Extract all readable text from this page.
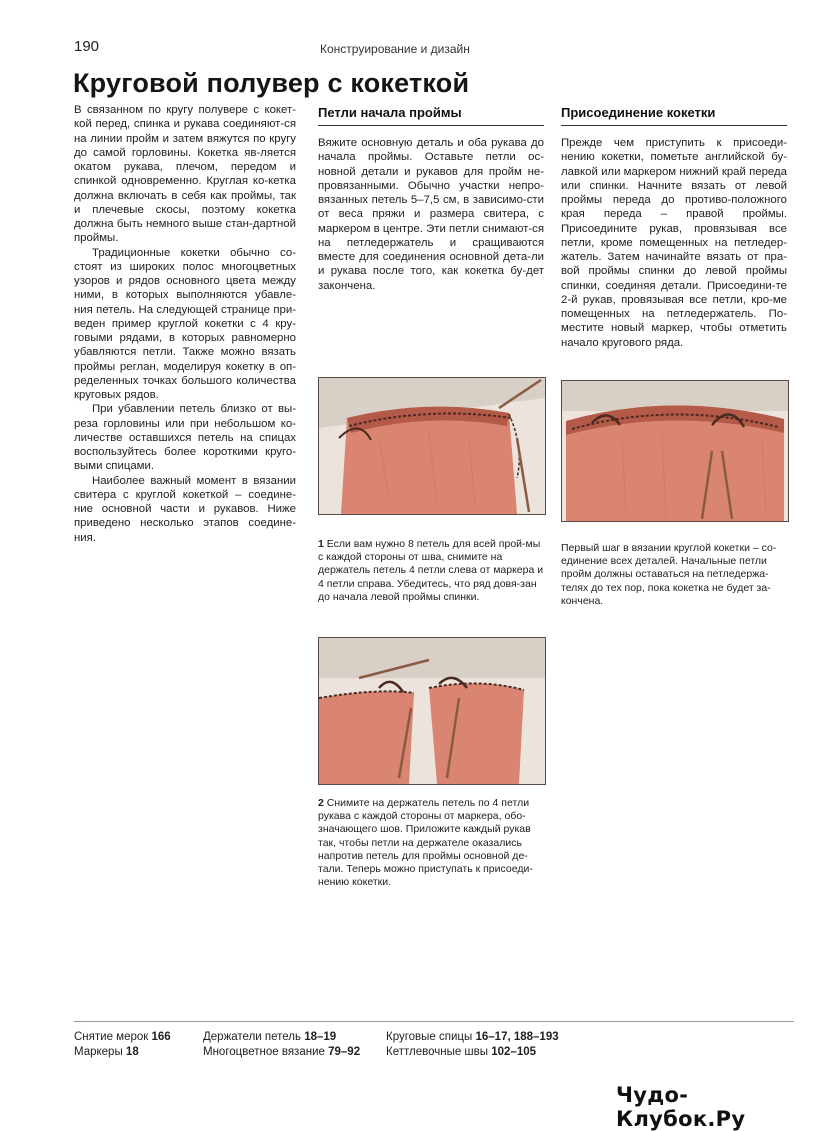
190	Конструирование и дизайн
Круговой полувер с кокеткой

В связанном по кругу полувере с кокет-кой перед, спинка и рукава соединяют-ся на линии пройм и затем вяжутся по кругу до самой горловины. Кокетка яв-ляется окатом рукава, плечом, передом и спинкой одновременно. Круглая ко-кетка должна включать в себя как проймы, так и плечевые скосы, поэтому кокетка должна быть немного выше стан-дартной проймы.

Традиционные кокетки обычно со-стоят из широких полос многоцветных узоров и рядов основного цвета между ними, в которых выполняются убавле-ния петель. На следующей странице при-веден пример круглой кокетки с 4 кру-говыми рядами, в которых равномерно убавляются петли. Также можно вязать проймы реглан, моделируя кокетку в оп-ределенных точках большого количества круговых рядов.

При убавлении петель близко от вы-реза горловины или при небольшом ко-личестве оставшихся петель на спицах воспользуйтесь более короткими круго-выми спицами.

Наиболее важный момент в вязании свитера с круглой кокеткой – соедине-ние основной части и рукавов. Ниже приведено несколько этапов соедине-ния.

Петли начала проймы

Вяжите основную деталь и оба рукава до начала проймы. Оставьте петли ос-новной детали и рукавов для пройм не-провязанными. Обычно участки непро-вязанных петель 5–7,5 см, в зависимо-сти от веса пряжи и размера свитера, с маркером в центре. Эти петли снимают-ся на петледержатель и сращиваются вместе для соединения основной дета-ли и рукава после того, как кокетка бу-дет закончена.

Присоединение кокетки

Прежде чем приступить к присоеди-нению кокетки, пометьте английской бу-лавкой или маркером нижний край переда или спинки. Начните вязать от левой проймы переда до противо-положного края переда – правой проймы. Присоедините рукав, провязывая все петли, кроме помещенных на петледер-жатель. Затем начинайте вязать от пра-вой проймы спинки до левой проймы спинки, соединяя детали. Присоедини-те 2-й рукав, провязывая все петли, кро-ме помещенных на петледержатель. По-местите новый маркер, чтобы отметить начало кругового ряда.

1 Если вам нужно 8 петель для всей прой-мы с каждой стороны от шва, снимите на держатель петель 4 петли слева от маркера и 4 петли справа. Убедитесь, что ряд довя-зан до начала левой проймы спинки.
Первый шаг в вязании круглой кокетки – со-единение всех деталей. Начальные петли пройм должны оставаться на петледержа-телях до тех пор, пока кокетка не будет за-кончена.
2 Снимите на держатель петель по 4 петли рукава с каждой стороны от маркера, обо-значающего шов. Приложите каждый рукав так, чтобы петли на держателе оказались напротив петель для проймы основной де-тали. Теперь можно приступать к присоеди-нению кокетки.
Снятие мерок 166
Маркеры 18
Держатели петель 18–19
Многоцветное вязание 79–92
Круговые спицы 16–17, 188–193
Кеттлевочные швы 102–105
Чудо-Клубок.Ру
